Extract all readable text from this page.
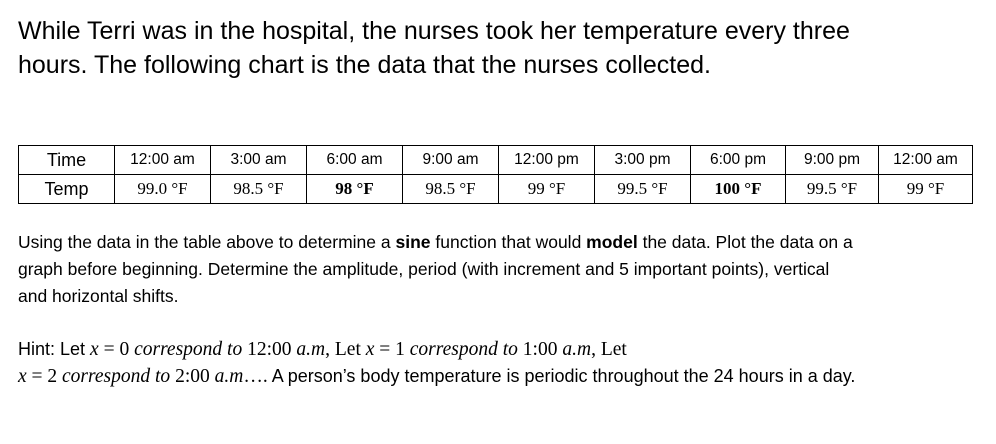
While Terri was in the hospital, the nurses took her temperature every three
hours. The following chart is the data that the nurses collected.
Time	12:00 am	3:00 am	6:00 am	9:00 am	12:00 pm	3:00 pm	6:00 pm	9:00 pm	12:00 am
Temp	99.0 °F	98.5 °F	98 °F	98.5 °F	99 °F	99.5 °F	100 °F	99.5 °F	99 °F
Using the data in the table above to determine a sine function that would model the data. Plot the data on a
graph before beginning. Determine the amplitude, period (with increment and 5 important points), vertical
and horizontal shifts.
Hint: Let x = 0 correspond to 12:00 a.m, Let x = 1 correspond to 1:00 a.m, Let
x = 2 correspond to 2:00 a.m…. A person’s body temperature is periodic throughout the 24 hours in a day.
